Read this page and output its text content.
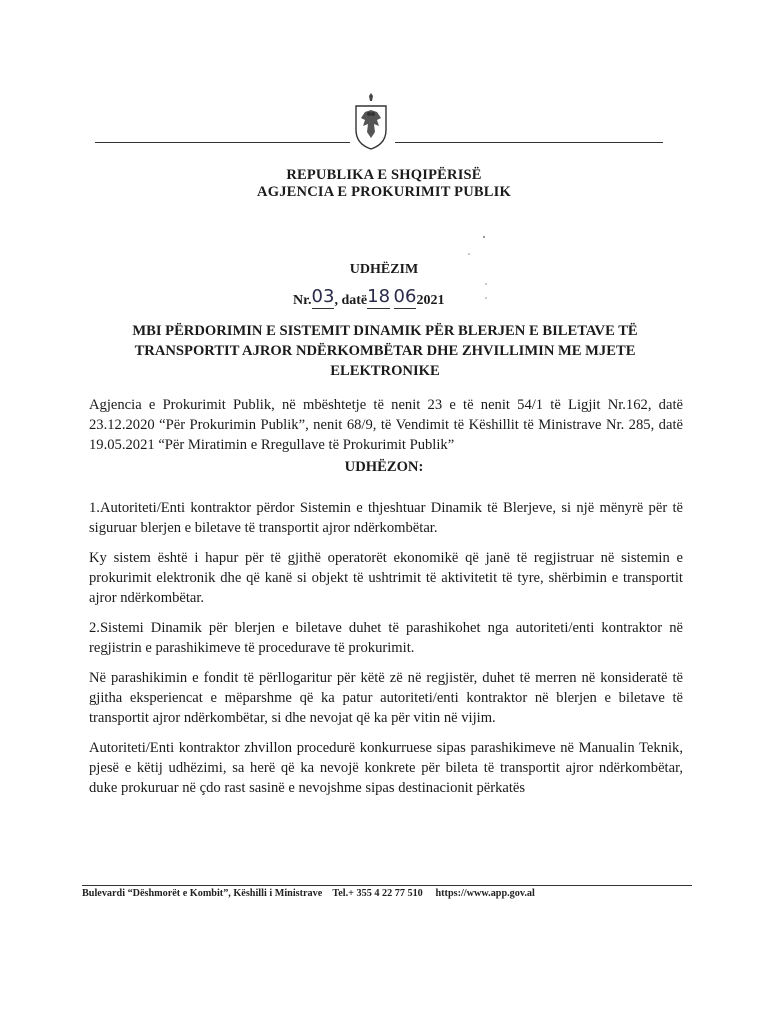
REPUBLIKA E SHQIPËRISË
AGJENCIA E PROKURIMIT PUBLIK
UDHËZIM
Nr.03, datë18 062021
MBI PËRDORIMIN E SISTEMIT DINAMIK PËR BLERJEN E BILETAVE TË
TRANSPORTIT AJROR NDËRKOMBËTAR DHE ZHVILLIMIN ME MJETE
ELEKTRONIKE
Agjencia e Prokurimit Publik, në mbështetje të nenit 23 e të nenit 54/1 të Ligjit Nr.162, datë 23.12.2020 “Për Prokurimin Publik”, nenit 68/9, të Vendimit të Këshillit të Ministrave Nr. 285, datë 19.05.2021 “Për Miratimin e Rregullave të Prokurimit Publik”
UDHËZON:
1.Autoriteti/Enti kontraktor përdor Sistemin e thjeshtuar Dinamik të Blerjeve, si një mënyrë për të siguruar blerjen e biletave të transportit ajror ndërkombëtar.
Ky sistem është i hapur për të gjithë operatorët ekonomikë që janë të regjistruar në sistemin e prokurimit elektronik dhe që kanë si objekt të ushtrimit të aktivitetit të tyre, shërbimin e transportit ajror ndërkombëtar.
2.Sistemi Dinamik për blerjen e biletave duhet të parashikohet nga autoriteti/enti kontraktor në regjistrin e parashikimeve të procedurave të prokurimit.
Në parashikimin e fondit të përllogaritur për këtë zë në regjistër, duhet të merren në konsideratë të gjitha eksperiencat e mëparshme që ka patur autoriteti/enti kontraktor në blerjen e biletave të transportit ajror ndërkombëtar, si dhe nevojat që ka për vitin në vijim.
Autoriteti/Enti kontraktor zhvillon procedurë konkurruese sipas parashikimeve në Manualin Teknik, pjesë e këtij udhëzimi, sa herë që ka nevojë konkrete për bileta të transportit ajror ndërkombëtar, duke prokuruar në çdo rast sasinë e nevojshme sipas destinacionit përkatës
Bulevardi “Dëshmorët e Kombit”, Këshilli i Ministrave Tel.+ 355 4 22 77 510 https://www.app.gov.al
